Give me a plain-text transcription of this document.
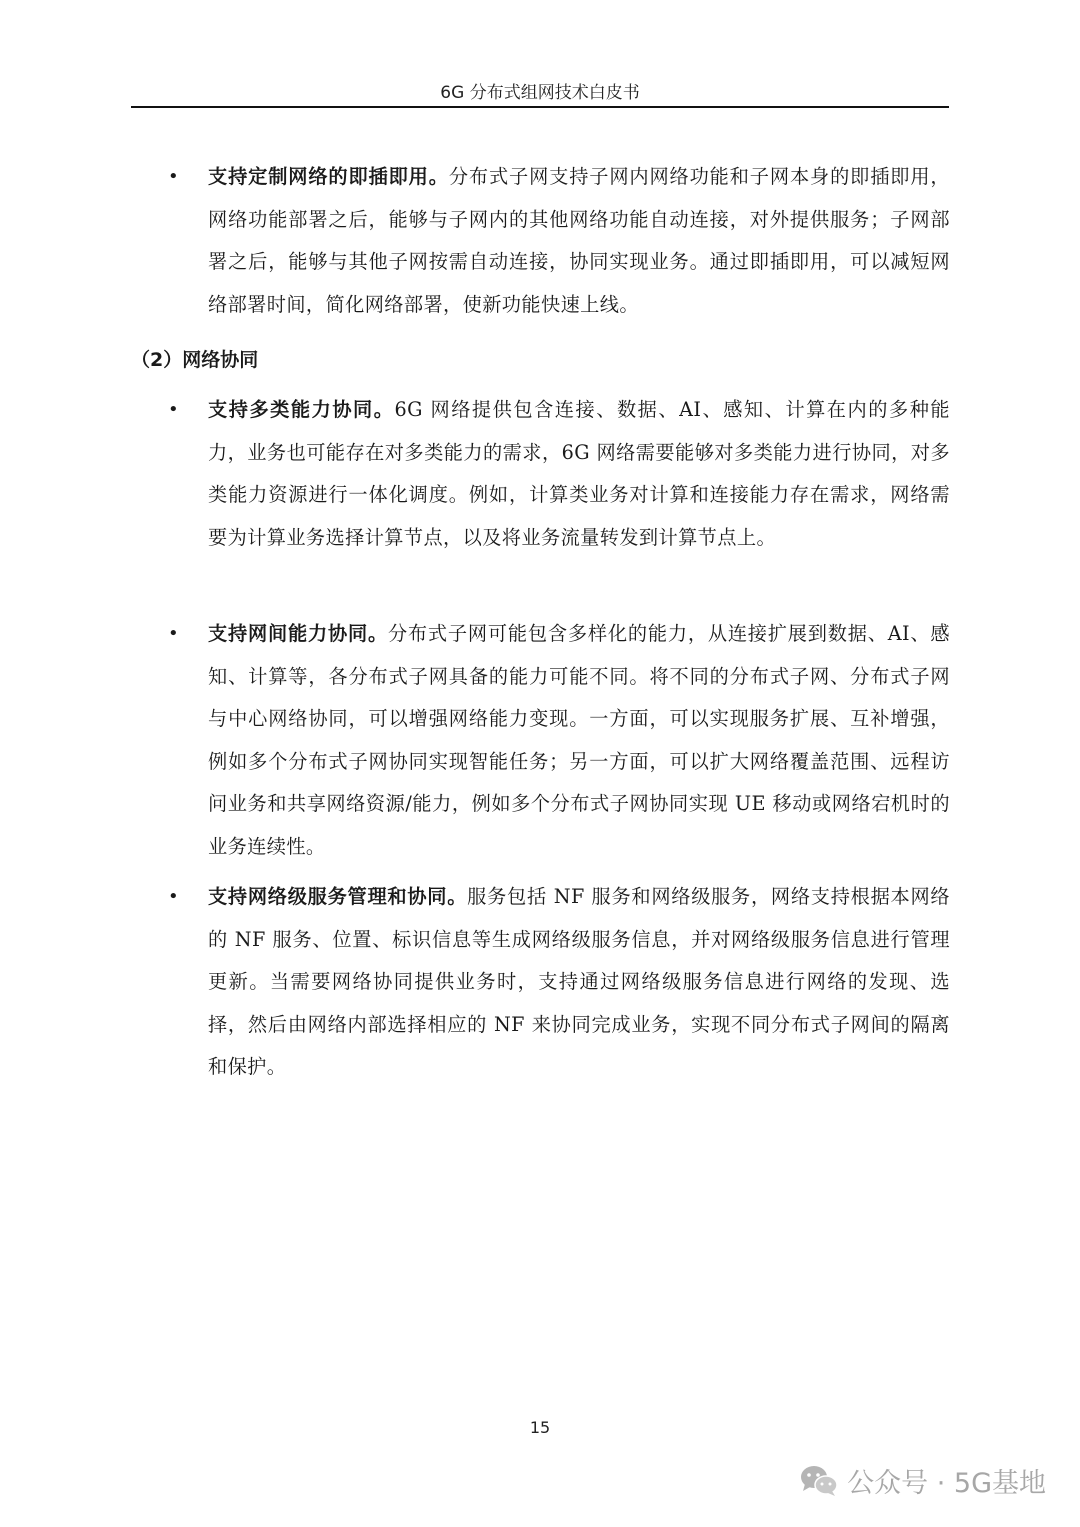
6G 分布式组网技术白皮书
• 支持定制网络的即插即用。分布式子网支持子网内网络功能和子网本身的即插即用，网络功能部署之后，能够与子网内的其他网络功能自动连接，对外提供服务；子网部署之后，能够与其他子网按需自动连接，协同实现业务。通过即插即用，可以减短网络部署时间，简化网络部署，使新功能快速上线。
（2）网络协同
• 支持多类能力协同。6G 网络提供包含连接、数据、AI、感知、计算在内的多种能力，业务也可能存在对多类能力的需求，6G 网络需要能够对多类能力进行协同，对多类能力资源进行一体化调度。例如，计算类业务对计算和连接能力存在需求，网络需要为计算业务选择计算节点，以及将业务流量转发到计算节点上。
• 支持网间能力协同。分布式子网可能包含多样化的能力，从连接扩展到数据、AI、感知、计算等，各分布式子网具备的能力可能不同。将不同的分布式子网、分布式子网与中心网络协同，可以增强网络能力变现。一方面，可以实现服务扩展、互补增强，例如多个分布式子网协同实现智能任务；另一方面，可以扩大网络覆盖范围、远程访问业务和共享网络资源/能力，例如多个分布式子网协同实现 UE 移动或网络宕机时的业务连续性。
• 支持网络级服务管理和协同。服务包括 NF 服务和网络级服务，网络支持根据本网络的 NF 服务、位置、标识信息等生成网络级服务信息，并对网络级服务信息进行管理更新。当需要网络协同提供业务时，支持通过网络级服务信息进行网络的发现、选择，然后由网络内部选择相应的 NF 来协同完成业务，实现不同分布式子网间的隔离和保护。
15
公众号 · 5G基地
